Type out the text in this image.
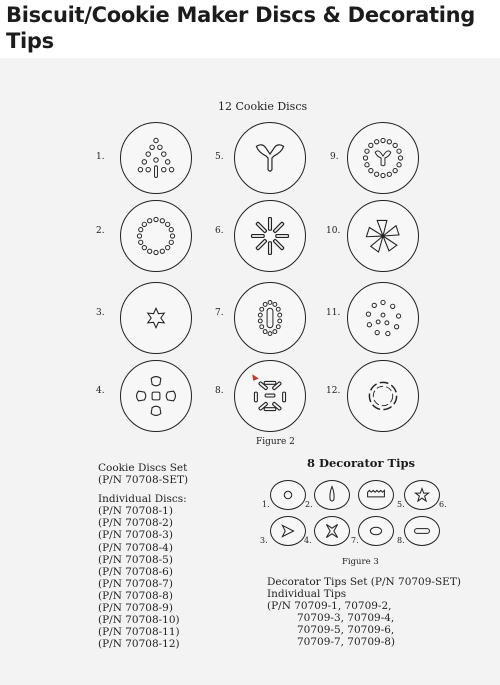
Biscuit/Cookie Maker Discs & Decorating Tips
12 Cookie Discs
1.
2.
3.
4.
5.
6.
7.
8.
9.
10.
11.
12.
Figure 2
Cookie Discs Set
(P/N 70708-SET)
Individual Discs:
(P/N 70708-1)
(P/N 70708-2)
(P/N 70708-3)
(P/N 70708-4)
(P/N 70708-5)
(P/N 70708-6)
(P/N 70708-7)
(P/N 70708-8)
(P/N 70708-9)
(P/N 70708-10)
(P/N 70708-11)
(P/N 70708-12)
8 Decorator Tips
1.	2.	5.	6.
3.	4.	7.	8.
Figure 3
Decorator Tips Set (P/N 70709-SET)
Individual Tips
(P/N 70709-1, 70709-2,
70709-3, 70709-4,
70709-5, 70709-6,
70709-7, 70709-8)
